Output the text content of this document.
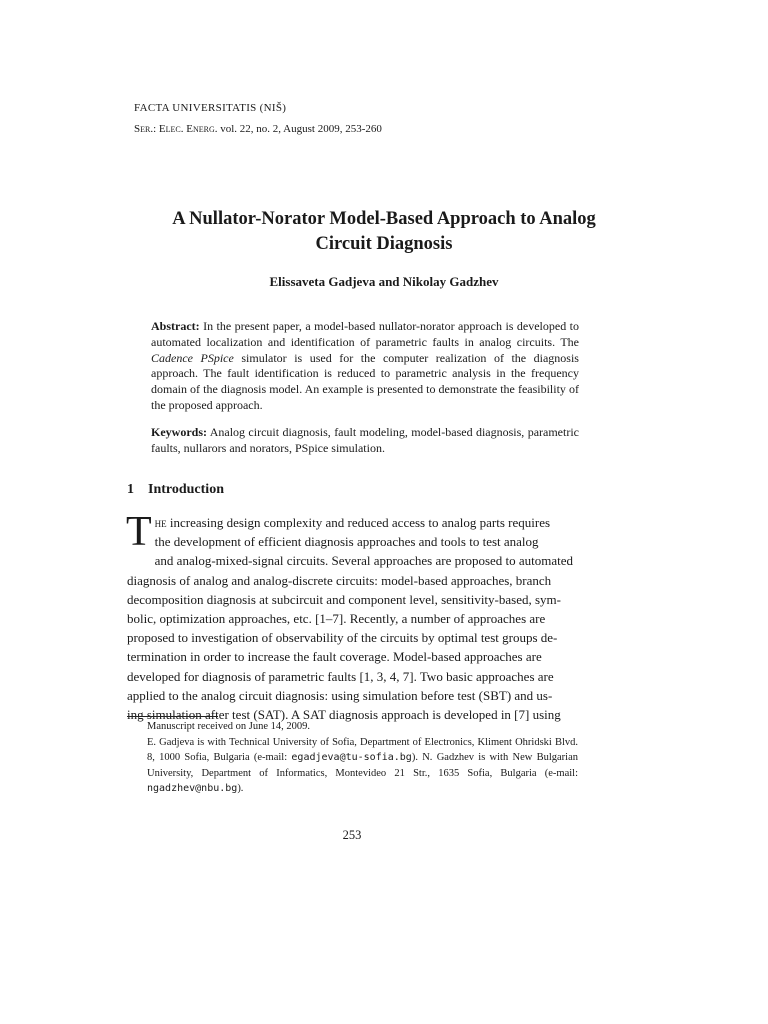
FACTA UNIVERSITATIS (NIŠ)
Ser.: Elec. Energ. vol. 22, no. 2, August 2009, 253-260
A Nullator-Norator Model-Based Approach to Analog
Circuit Diagnosis
Elissaveta Gadjeva and Nikolay Gadzhev
Abstract: In the present paper, a model-based nullator-norator approach is developed to automated localization and identification of parametric faults in analog circuits. The Cadence PSpice simulator is used for the computer realization of the diagnosis approach. The fault identification is reduced to parametric analysis in the frequency domain of the diagnosis model. An example is presented to demonstrate the feasibility of the proposed approach.
Keywords: Analog circuit diagnosis, fault modeling, model-based diagnosis, parametric faults, nullarors and norators, PSpice simulation.
1 Introduction
T he increasing design complexity and reduced access to analog parts requires
the development of efficient diagnosis approaches and tools to test analog
and analog-mixed-signal circuits. Several approaches are proposed to automated
diagnosis of analog and analog-discrete circuits: model-based approaches, branch
decomposition diagnosis at subcircuit and component level, sensitivity-based, sym-
bolic, optimization approaches, etc. [1–7]. Recently, a number of approaches are
proposed to investigation of observability of the circuits by optimal test groups de-
termination in order to increase the fault coverage. Model-based approaches are
developed for diagnosis of parametric faults [1, 3, 4, 7]. Two basic approaches are
applied to the analog circuit diagnosis: using simulation before test (SBT) and us-
ing simulation after test (SAT). A SAT diagnosis approach is developed in [7] using
Manuscript received on June 14, 2009.
E. Gadjeva is with Technical University of Sofia, Department of Electronics, Kliment Ohridski Blvd. 8, 1000 Sofia, Bulgaria (e-mail: egadjeva@tu-sofia.bg). N. Gadzhev is with New Bulgarian University, Department of Informatics, Montevideo 21 Str., 1635 Sofia, Bulgaria (e-mail: ngadzhev@nbu.bg).
253
